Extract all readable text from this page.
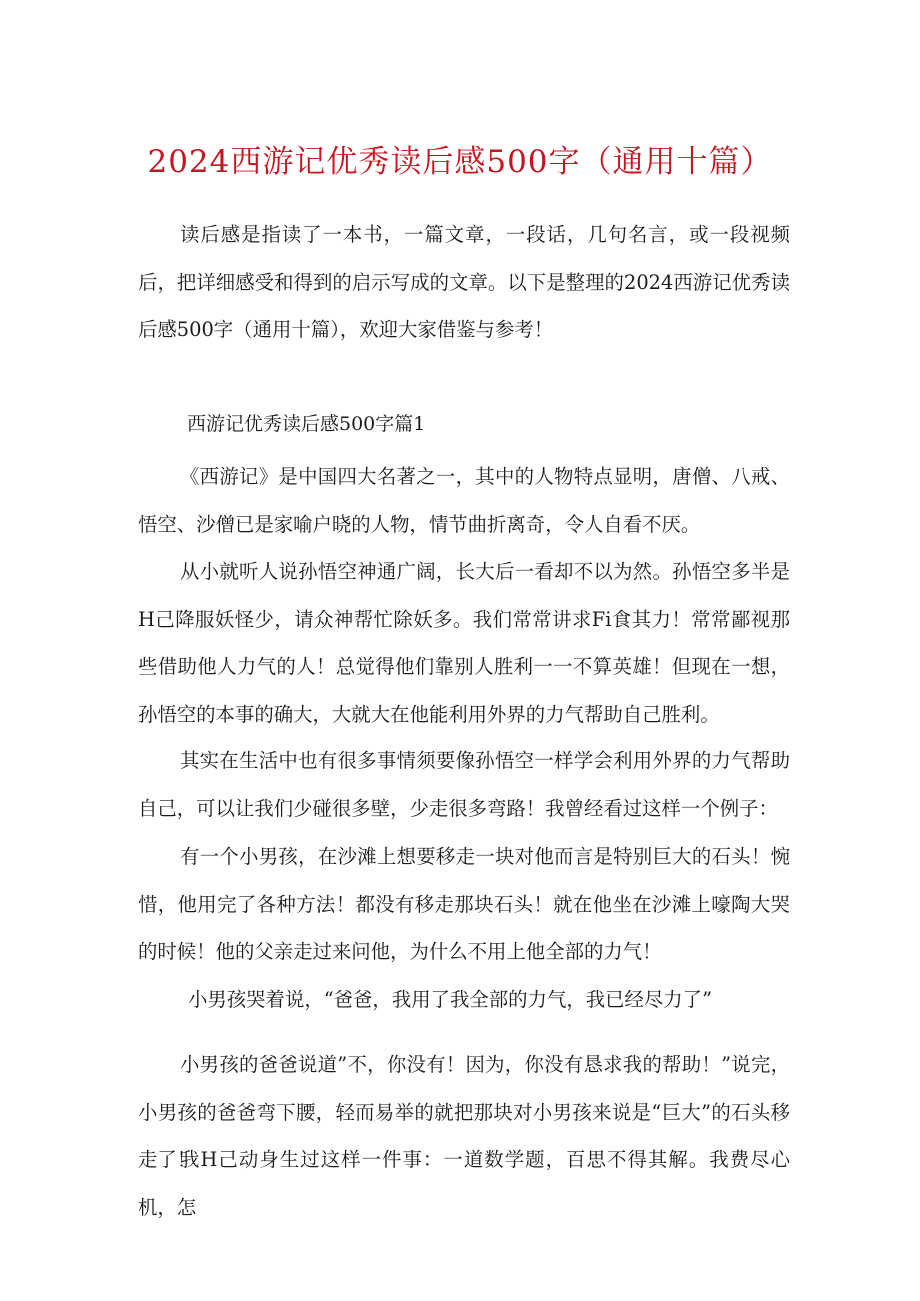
2024西游记优秀读后感500字（通用十篇）

读后感是指读了一本书，一篇文章，一段话，几句名言，或一段视频后，把详细感受和得到的启示写成的文章。以下是整理的2024西游记优秀读后感500字（通用十篇），欢迎大家借鉴与参考！

西游记优秀读后感500字篇1

《西游记》是中国四大名著之一，其中的人物特点显明，唐僧、八戒、悟空、沙僧已是家喻户晓的人物，情节曲折离奇，令人自看不厌。

从小就听人说孙悟空神通广阔，长大后一看却不以为然。孙悟空多半是H己降服妖怪少，请众神帮忙除妖多。我们常常讲求Fi食其力！常常鄙视那些借助他人力气的人！总觉得他们靠别人胜利一一不算英雄！但现在一想，孙悟空的本事的确大，大就大在他能利用外界的力气帮助自己胜利。

其实在生活中也有很多事情须要像孙悟空一样学会利用外界的力气帮助自己，可以让我们少碰很多壁，少走很多弯路！我曾经看过这样一个例子：

有一个小男孩，在沙滩上想要移走一块对他而言是特别巨大的石头！惋惜，他用完了各种方法！都没有移走那块石头！就在他坐在沙滩上嚎陶大哭的时候！他的父亲走过来问他，为什么不用上他全部的力气！

小男孩哭着说，“爸爸，我用了我全部的力气，我已经尽力了”

小男孩的爸爸说道”不，你没有！因为，你没有恳求我的帮助！”说完，小男孩的爸爸弯下腰，轻而易举的就把那块对小男孩来说是“巨大”的石头移走了！

我H己动身生过这样一件事：一道数学题，百思不得其解。我费尽心机，怎
